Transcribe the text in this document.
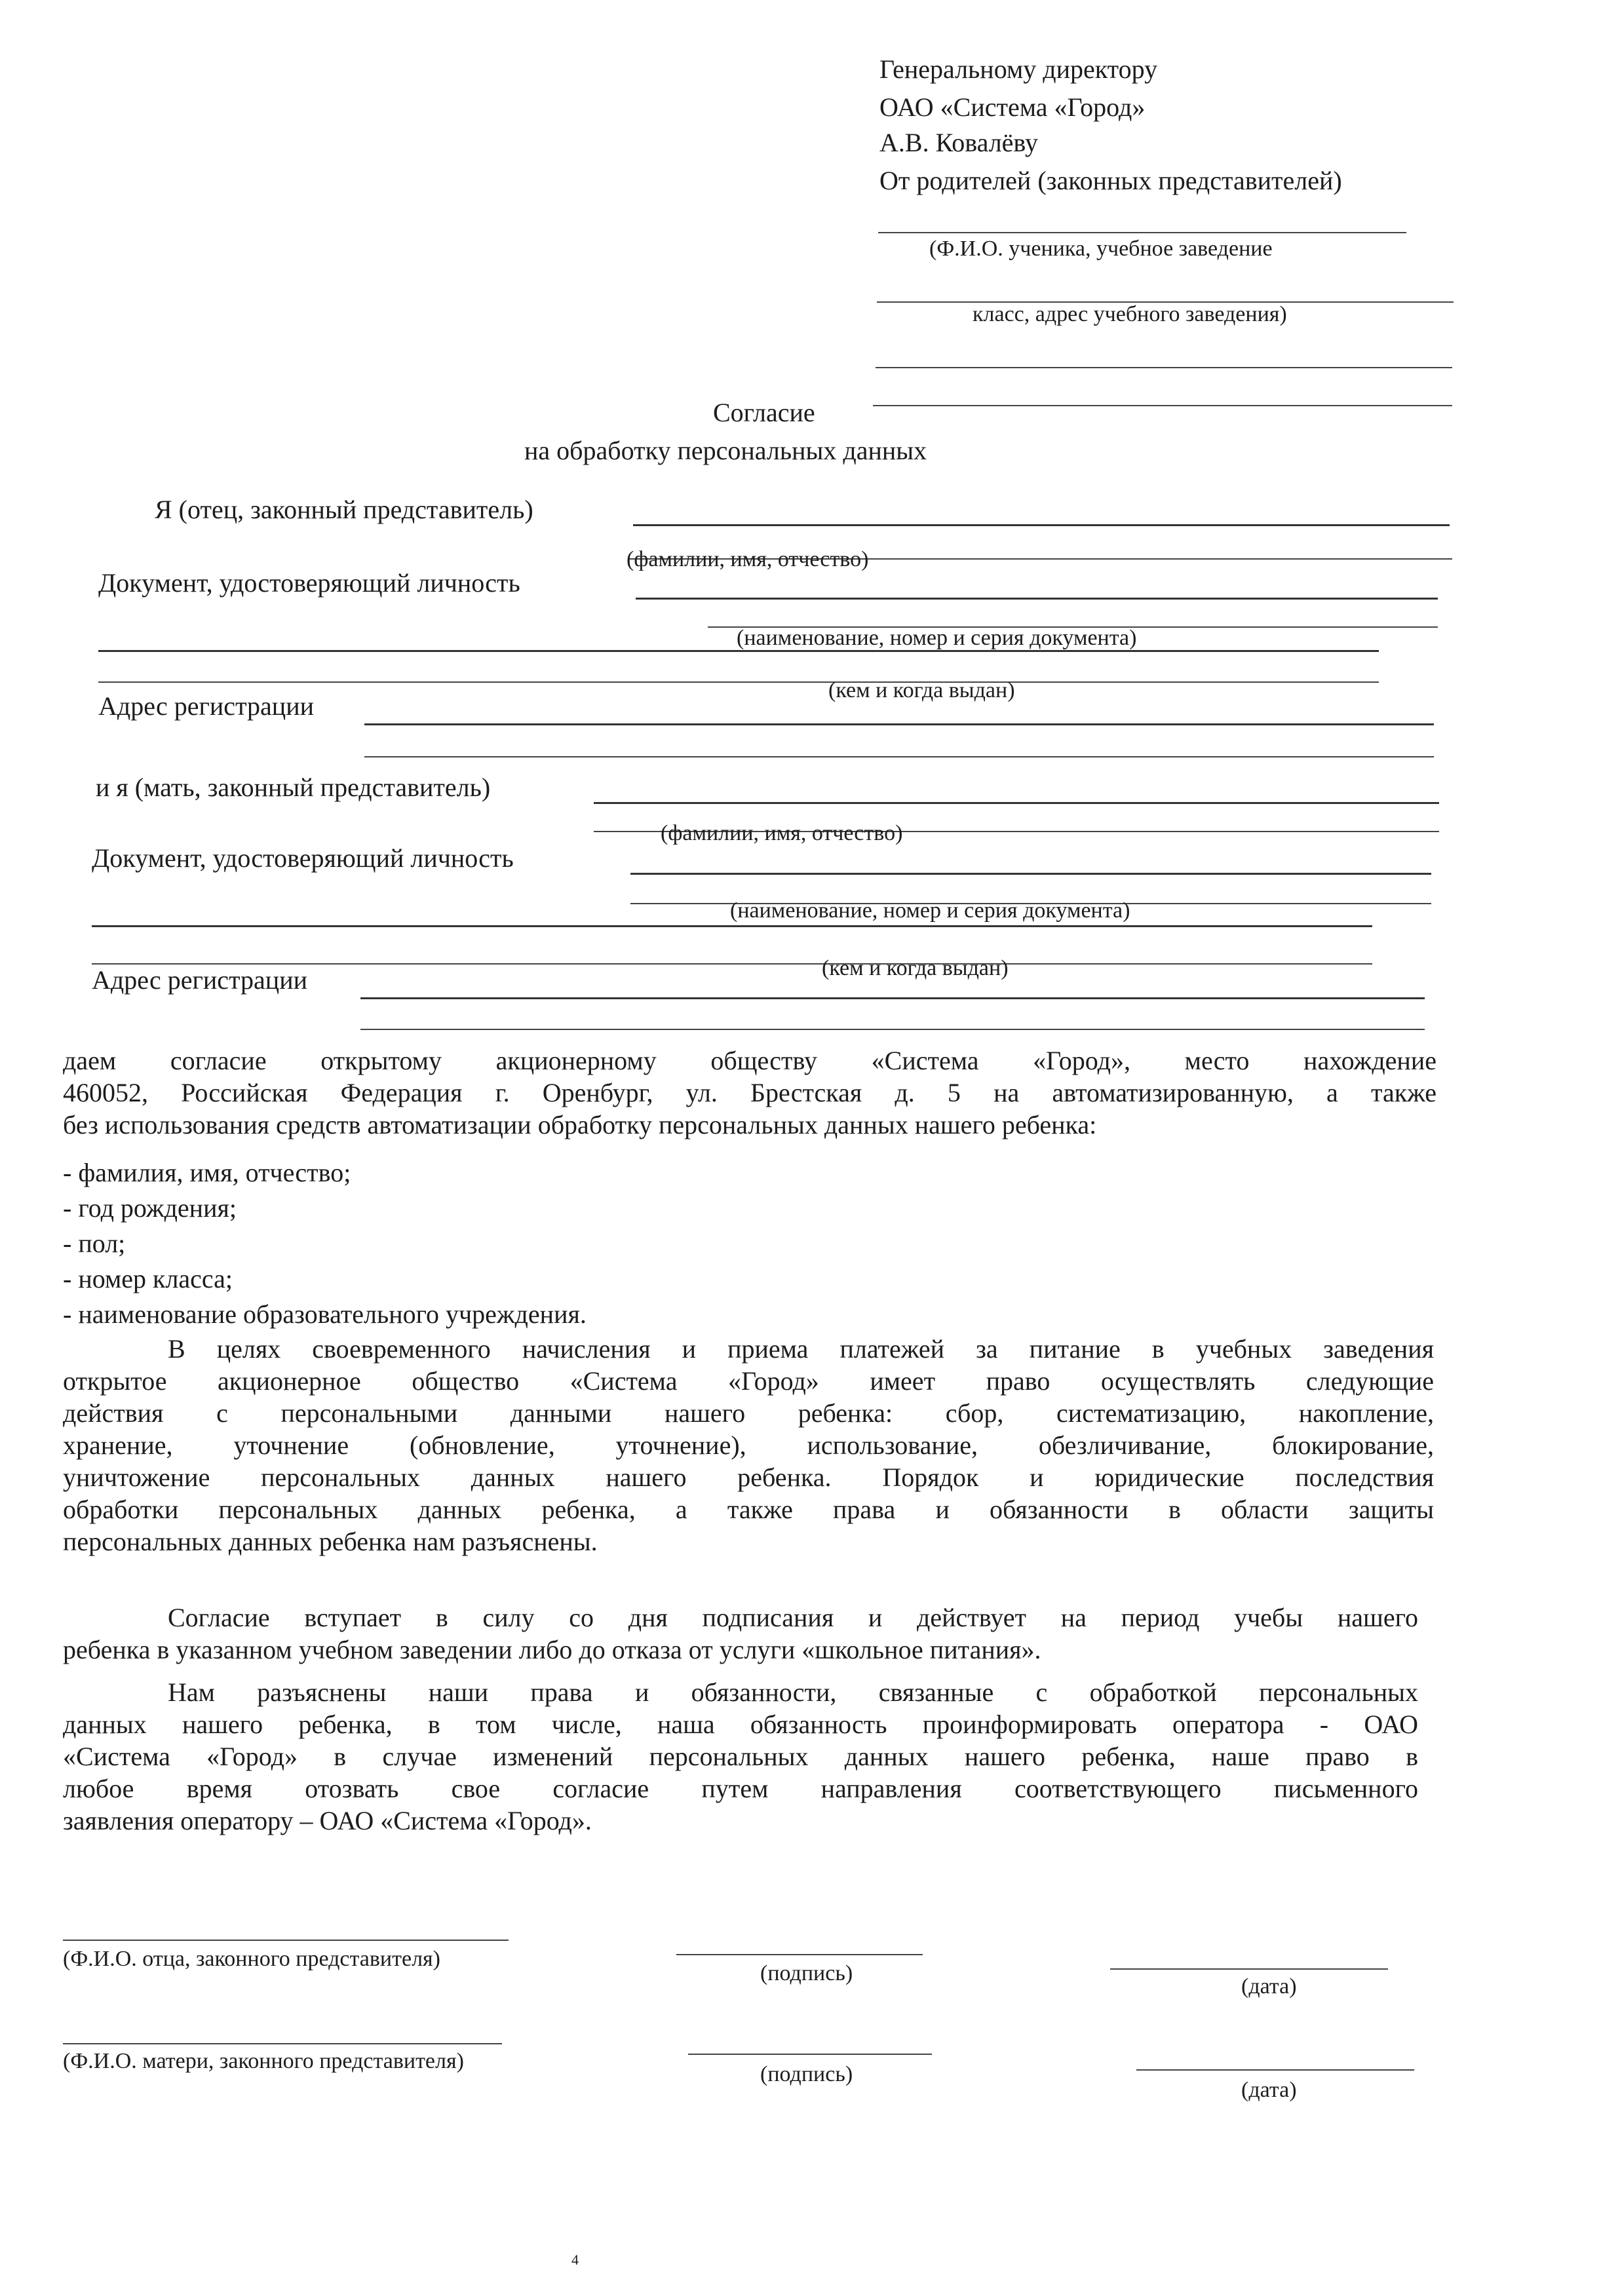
Генеральному директору
ОАО «Система «Город»
А.В. Ковалёву
От родителей (законных представителей)
(Ф.И.О. ученика, учебное заведение
класс, адрес учебного заведения)
Согласие
на обработку персональных данных
Я (отец, законный представитель)
(фамилии, имя, отчество)
Документ, удостоверяющий личность
(наименование, номер и серия документа)
(кем и когда выдан)
Адрес регистрации
и я (мать, законный представитель)
(фамилии, имя, отчество)
Документ, удостоверяющий личность
(наименование, номер и серия документа)
(кем и когда выдан)
Адрес регистрации
даем согласие открытому акционерному обществу «Система «Город», место нахождение
460052, Российская Федерация г. Оренбург, ул. Брестская д. 5 на автоматизированную, а также
без использования средств автоматизации обработку персональных данных нашего ребенка:
- фамилия, имя, отчество;
- год рождения;
- пол;
- номер класса;
- наименование образовательного учреждения.
В целях своевременного начисления и приема платежей за питание в учебных заведения
открытое акционерное общество «Система «Город» имеет право осуществлять следующие
действия с персональными данными нашего ребенка: сбор, систематизацию, накопление,
хранение, уточнение (обновление, уточнение), использование, обезличивание, блокирование,
уничтожение персональных данных нашего ребенка. Порядок и юридические последствия
обработки персональных данных ребенка, а также права и обязанности в области защиты
персональных данных ребенка нам разъяснены.
Согласие вступает в силу со дня подписания и действует на период учебы нашего
ребенка в указанном учебном заведении либо до отказа от услуги «школьное питания».
Нам разъяснены наши права и обязанности, связанные с обработкой персональных
данных нашего ребенка, в том числе, наша обязанность проинформировать оператора - ОАО
«Система «Город» в случае изменений персональных данных нашего ребенка, наше право в
любое время отозвать свое согласие путем направления соответствующего письменного
заявления оператору – ОАО «Система «Город».
(Ф.И.О. отца, законного представителя)
(подпись)
(дата)
(Ф.И.О. матери, законного представителя)
(подпись)
(дата)
4
